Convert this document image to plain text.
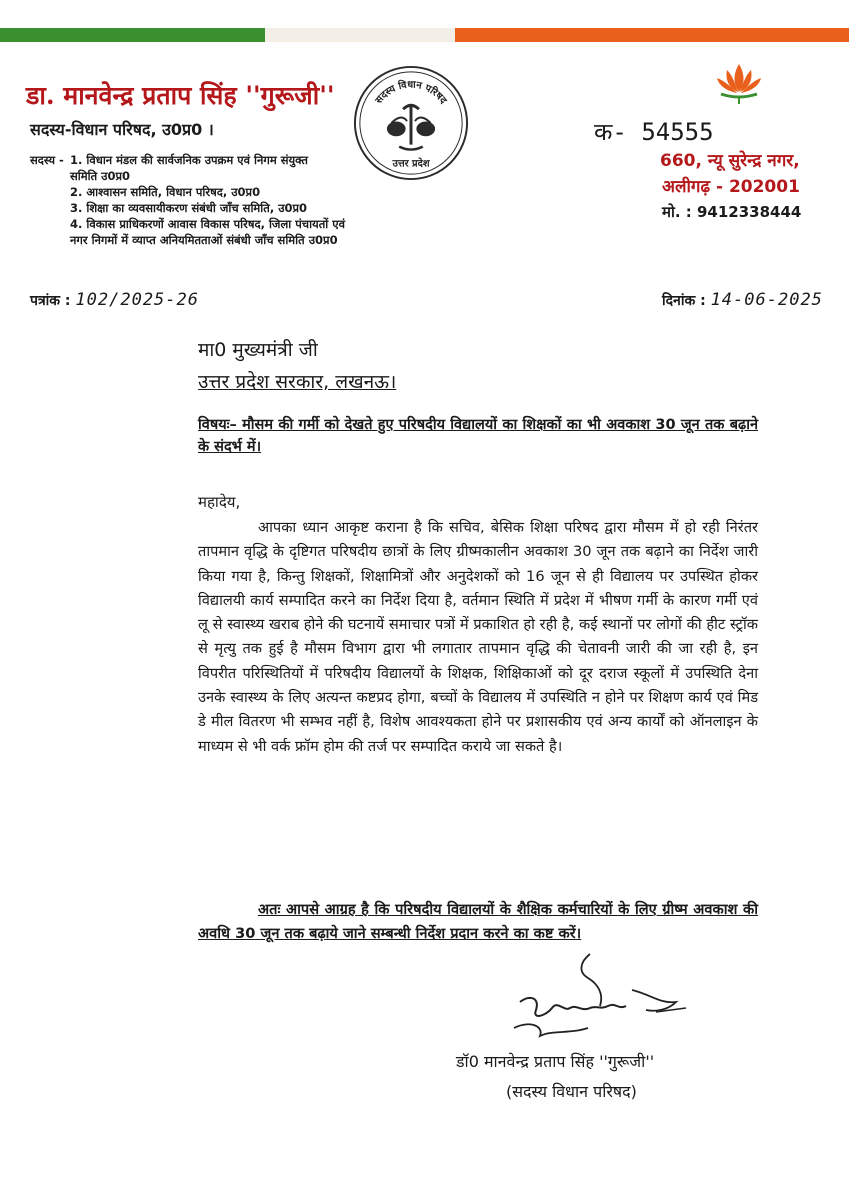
डा. मानवेन्द्र प्रताप सिंह ''गुरूजी''
सदस्य-विधान परिषद, उ0प्र0 ।
सदस्य - 1. विधान मंडल की सार्वजनिक उपक्रम एवं निगम संयुक्त
समिति उ0प्र0
2. आश्वासन समिति, विधान परिषद, उ0प्र0
3. शिक्षा का व्यवसायीकरण संबंधी जाँच समिति, उ0प्र0
4. विकास प्राधिकरणों आवास विकास परिषद, जिला पंचायतों एवं
नगर निगमों में व्याप्त अनियमितताओं संबंधी जाँच समिति उ0प्र0
सदस्य विधान परिषद
उत्तर प्रदेश
क- 54555
660, न्यू सुरेन्द्र नगर,
अलीगढ़ - 202001
मो. : 9412338444
पत्रांक : 102/2025-26	दिनांक : 14-06-2025
मा0 मुख्यमंत्री जी
उत्तर प्रदेश सरकार, लखनऊ।
विषयः– मौसम की गर्मी को देखते हुए परिषदीय विद्यालयों का शिक्षकों का भी अवकाश 30 जून तक बढ़ाने के संदर्भ में।
महादेय,
आपका ध्यान आकृष्ट कराना है कि सचिव, बेसिक शिक्षा परिषद द्वारा मौसम में हो रही निरंतर तापमान वृद्धि के दृष्टिगत परिषदीय छात्रों के लिए ग्रीष्मकालीन अवकाश 30 जून तक बढ़ाने का निर्देश जारी किया गया है, किन्तु शिक्षकों, शिक्षामित्रों और अनुदेशकों को 16 जून से ही विद्यालय पर उपस्थित होकर विद्यालयी कार्य सम्पादित करने का निर्देश दिया है, वर्तमान स्थिति में प्रदेश में भीषण गर्मी के कारण गर्मी एवं लू से स्वास्थ्य खराब होने की घटनायें समाचार पत्रों में प्रकाशित हो रही है, कई स्थानों पर लोगों की हीट स्ट्रॉक से मृत्यु तक हुई है मौसम विभाग द्वारा भी लगातार तापमान वृद्धि की चेतावनी जारी की जा रही है, इन विपरीत परिस्थितियों में परिषदीय विद्यालयों के शिक्षक, शिक्षिकाओं को दूर दराज स्कूलों में उपस्थिति देना उनके स्वास्थ्य के लिए अत्यन्त कष्टप्रद होगा, बच्चों के विद्यालय में उपस्थिति न होने पर शिक्षण कार्य एवं मिड डे मील वितरण भी सम्भव नहीं है, विशेष आवश्यकता होने पर प्रशासकीय एवं अन्य कार्यों को ऑनलाइन के माध्यम से भी वर्क फ्रॉम होम की तर्ज पर सम्पादित कराये जा सकते है।
अतः आपसे आग्रह है कि परिषदीय विद्यालयों के शैक्षिक कर्मचारियों के लिए ग्रीष्म अवकाश की अवधि 30 जून तक बढ़ाये जाने सम्बन्धी निर्देश प्रदान करने का कष्ट करें।
डॉ0 मानवेन्द्र प्रताप सिंह ''गुरूजी''
(सदस्य विधान परिषद)
